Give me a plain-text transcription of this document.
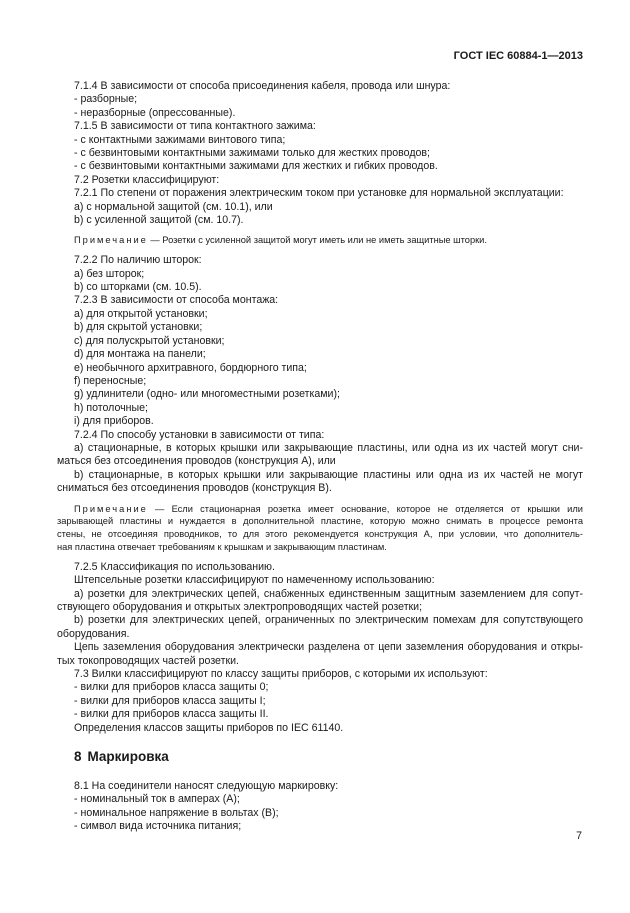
ГОСТ IEC 60884-1—2013
7.1.4 В зависимости от способа присоединения кабеля, провода или шнура:
- разборные;
- неразборные (опрессованные).
7.1.5 В зависимости от типа контактного зажима:
- с контактными зажимами винтового типа;
- с безвинтовыми контактными зажимами только для жестких проводов;
- с безвинтовыми контактными зажимами для жестких и гибких проводов.
7.2 Розетки классифицируют:
7.2.1 По степени от поражения электрическим током при установке для нормальной эксплуатации:
a) с нормальной защитой (см. 10.1), или
b) с усиленной защитой (см. 10.7).
Примечание — Розетки с усиленной защитой могут иметь или не иметь защитные шторки.
7.2.2 По наличию шторок:
а) без шторок;
b) со шторками (см. 10.5).
7.2.3 В зависимости от способа монтажа:
а) для открытой установки;
b) для скрытой установки;
c) для полускрытой установки;
d) для монтажа на панели;
е) необычного архитравного, бордюрного типа;
f) переносные;
g) удлинители (одно- или многоместными розетками);
h) потолочные;
i) для приборов.
7.2.4 По способу установки в зависимости от типа:
а) стационарные, в которых крышки или закрывающие пластины, или одна из их частей могут сни-
маться без отсоединения проводов (конструкция А), или
b) стационарные, в которых крышки или закрывающие пластины или одна из их частей не могут
сниматься без отсоединения проводов (конструкция В).
Примечание — Если стационарная розетка имеет основание, которое не отделяется от крышки или
зарывающей пластины и нуждается в дополнительной пластине, которую можно снимать в процессе ремонта
стены, не отсоединяя проводников, то для этого рекомендуется конструкция А, при условии, что дополнитель-
ная пластина отвечает требованиям к крышкам и закрывающим пластинам.
7.2.5 Классификация по использованию.
Штепсельные розетки классифицируют по намеченному использованию:
а) розетки для электрических цепей, снабженных единственным защитным заземлением для сопут-
ствующего оборудования и открытых электропроводящих частей розетки;
b) розетки для электрических цепей, ограниченных по электрическим помехам для сопутствующего
оборудования.
Цепь заземления оборудования электрически разделена от цепи заземления оборудования и откры-
тых токопроводящих частей розетки.
7.3 Вилки классифицируют по классу защиты приборов, с которыми их используют:
- вилки для приборов класса защиты 0;
- вилки для приборов класса защиты I;
- вилки для приборов класса защиты II.
Определения классов защиты приборов по IEC 61140.
8 Маркировка
8.1 На соединители наносят следующую маркировку:
- номинальный ток в амперах (А);
- номинальное напряжение в вольтах (В);
- символ вида источника питания;
7
